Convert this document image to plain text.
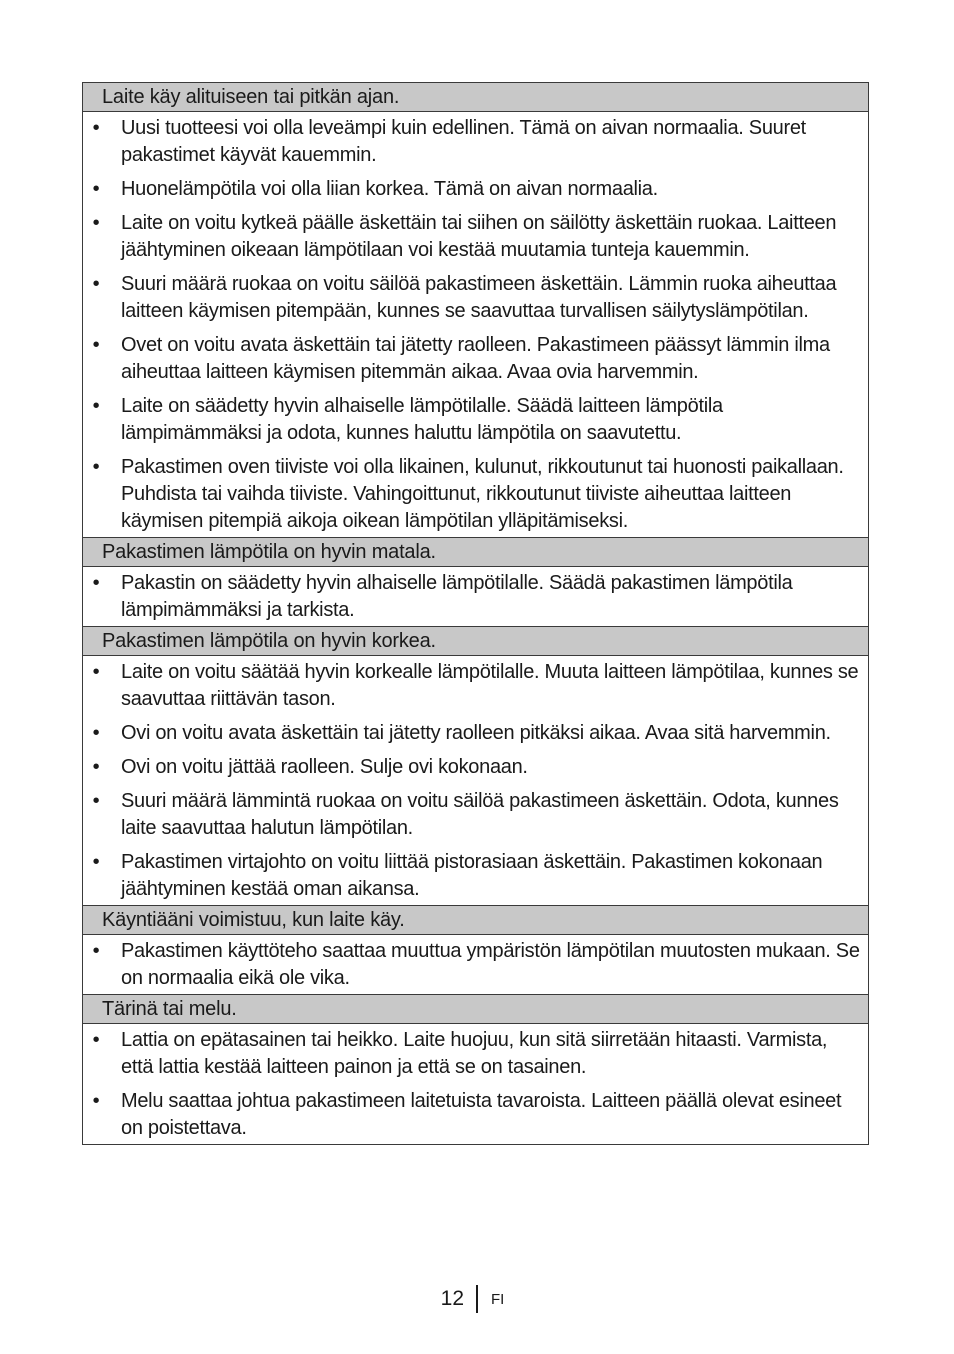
Laite käy alituiseen tai pitkän ajan.
• Uusi tuotteesi voi olla leveämpi kuin edellinen. Tämä on aivan normaalia. Suuret pakastimet käyvät kauemmin.
• Huonelämpötila voi olla liian korkea. Tämä on aivan normaalia.
• Laite on voitu kytkeä päälle äskettäin tai siihen on säilötty äskettäin ruokaa. Laitteen jäähtyminen oikeaan lämpötilaan voi kestää muutamia tunteja kauemmin.
• Suuri määrä ruokaa on voitu säilöä pakastimeen äskettäin. Lämmin ruoka aiheuttaa laitteen käymisen pitempään, kunnes se saavuttaa turvallisen säilytyslämpötilan.
• Ovet on voitu avata äskettäin tai jätetty raolleen. Pakastimeen päässyt lämmin ilma aiheuttaa laitteen käymisen pitemmän aikaa. Avaa ovia harvemmin.
• Laite on säädetty hyvin alhaiselle lämpötilalle. Säädä laitteen lämpötila lämpimämmäksi ja odota, kunnes haluttu lämpötila on saavutettu.
• Pakastimen oven tiiviste voi olla likainen, kulunut, rikkoutunut tai huonosti paikallaan. Puhdista tai vaihda tiiviste. Vahingoittunut, rikkoutunut tiiviste aiheuttaa laitteen käymisen pitempiä aikoja oikean lämpötilan ylläpitämiseksi.
Pakastimen lämpötila on hyvin matala.
• Pakastin on säädetty hyvin alhaiselle lämpötilalle. Säädä pakastimen lämpötila lämpimämmäksi ja tarkista.
Pakastimen lämpötila on hyvin korkea.
• Laite on voitu säätää hyvin korkealle lämpötilalle. Muuta laitteen lämpötilaa, kunnes se saavuttaa riittävän tason.
• Ovi on voitu avata äskettäin tai jätetty raolleen pitkäksi aikaa. Avaa sitä harvemmin.
• Ovi on voitu jättää raolleen. Sulje ovi kokonaan.
• Suuri määrä lämmintä ruokaa on voitu säilöä pakastimeen äskettäin. Odota, kunnes laite saavuttaa halutun lämpötilan.
• Pakastimen virtajohto on voitu liittää pistorasiaan äskettäin. Pakastimen kokonaan jäähtyminen kestää oman aikansa.
Käyntiääni voimistuu, kun laite käy.
• Pakastimen käyttöteho saattaa muuttua ympäristön lämpötilan muutosten mukaan. Se on normaalia eikä ole vika.
Tärinä tai melu.
• Lattia on epätasainen tai heikko. Laite huojuu, kun sitä siirretään hitaasti. Varmista, että lattia kestää laitteen painon ja että se on tasainen.
• Melu saattaa johtua pakastimeen laitetuista tavaroista. Laitteen päällä olevat esineet on poistettava.
12 FI
